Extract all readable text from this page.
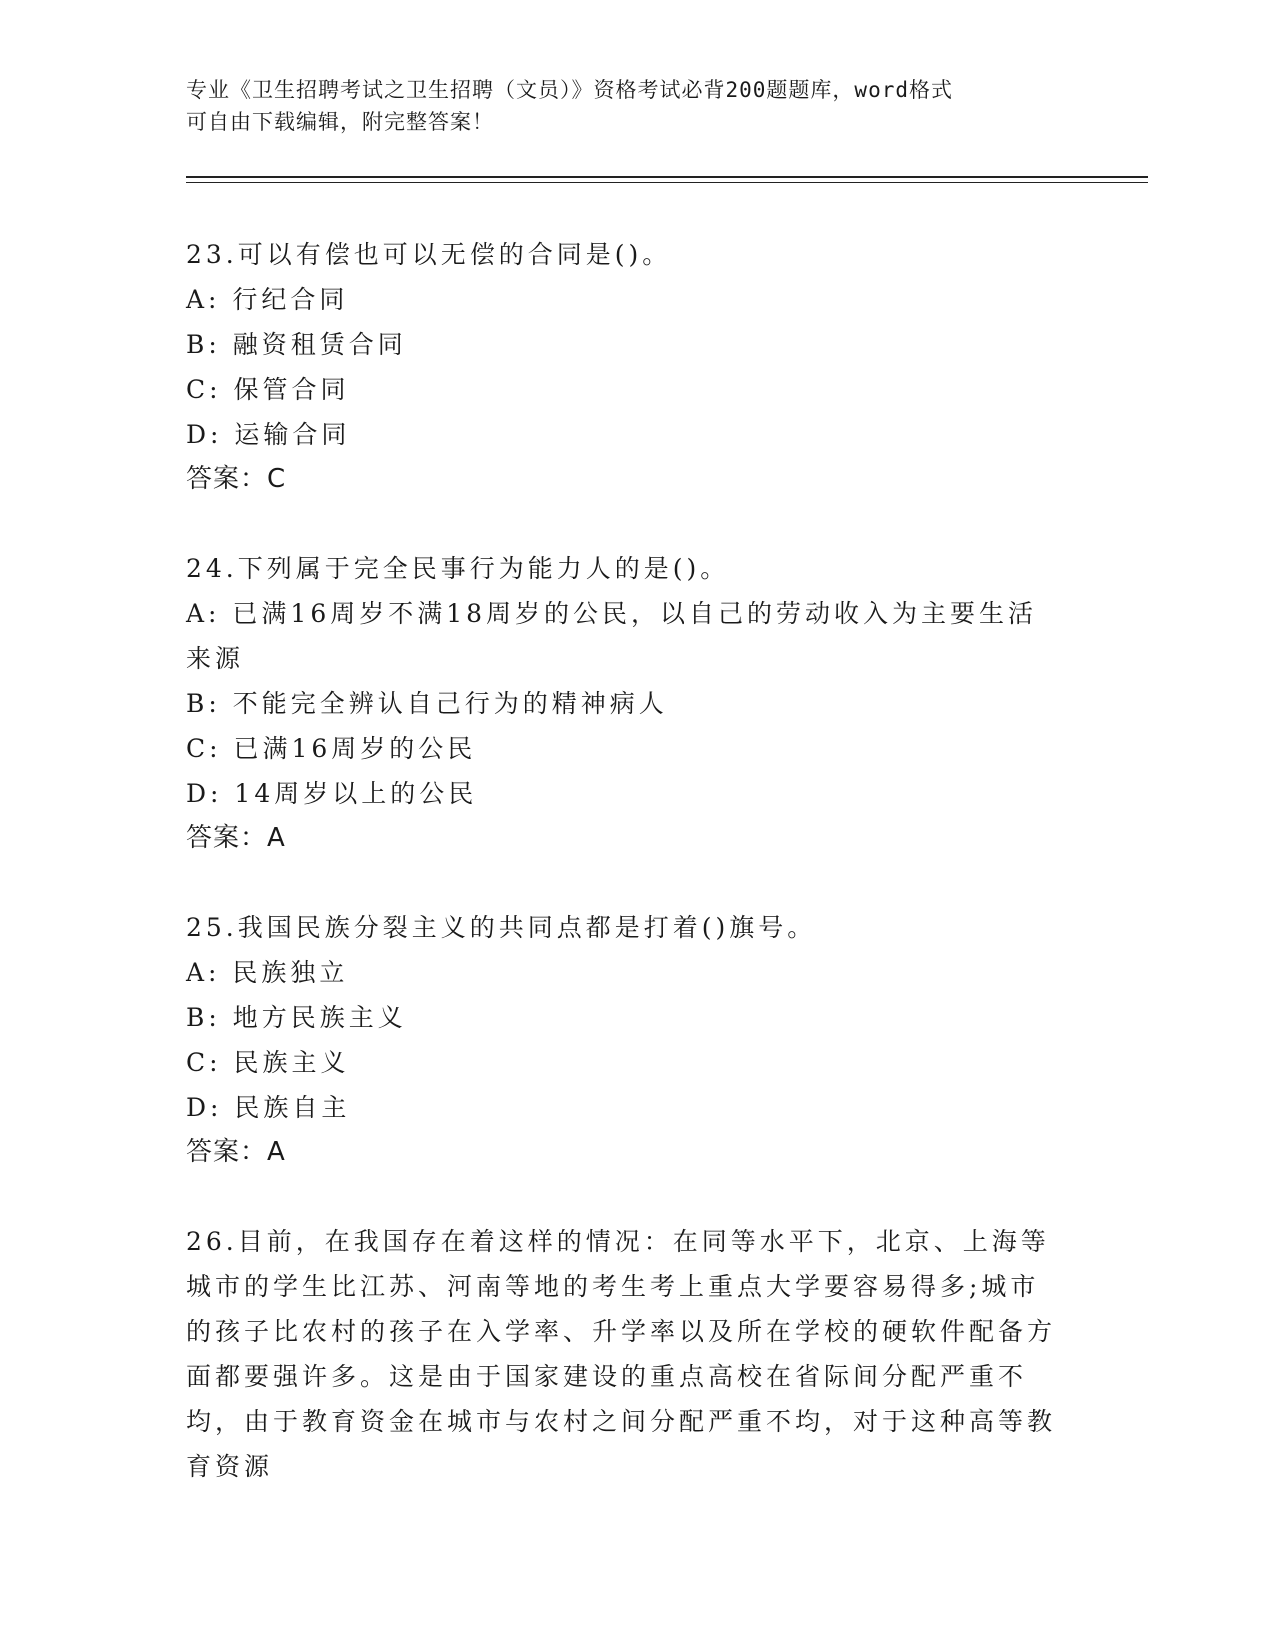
专业《卫生招聘考试之卫生招聘（文员）》资格考试必背200题题库，word格式
可自由下载编辑，附完整答案！

23.可以有偿也可以无偿的合同是()。

A: 行纪合同

B: 融资租赁合同

C: 保管合同

D: 运输合同

答案：C

24.下列属于完全民事行为能力人的是()。

A: 已满16周岁不满18周岁的公民，以自己的劳动收入为主要生活来源

B: 不能完全辨认自己行为的精神病人

C: 已满16周岁的公民

D: 14周岁以上的公民

答案：A

25.我国民族分裂主义的共同点都是打着()旗号。

A: 民族独立

B: 地方民族主义

C: 民族主义

D: 民族自主

答案：A

26.目前，在我国存在着这样的情况：在同等水平下，北京、上海等城市的学生比江苏、河南等地的考生考上重点大学要容易得多;城市的孩子比农村的孩子在入学率、升学率以及所在学校的硬软件配备方面都要强许多。这是由于国家建设的重点高校在省际间分配严重不均，由于教育资金在城市与农村之间分配严重不均，对于这种高等教育资源
